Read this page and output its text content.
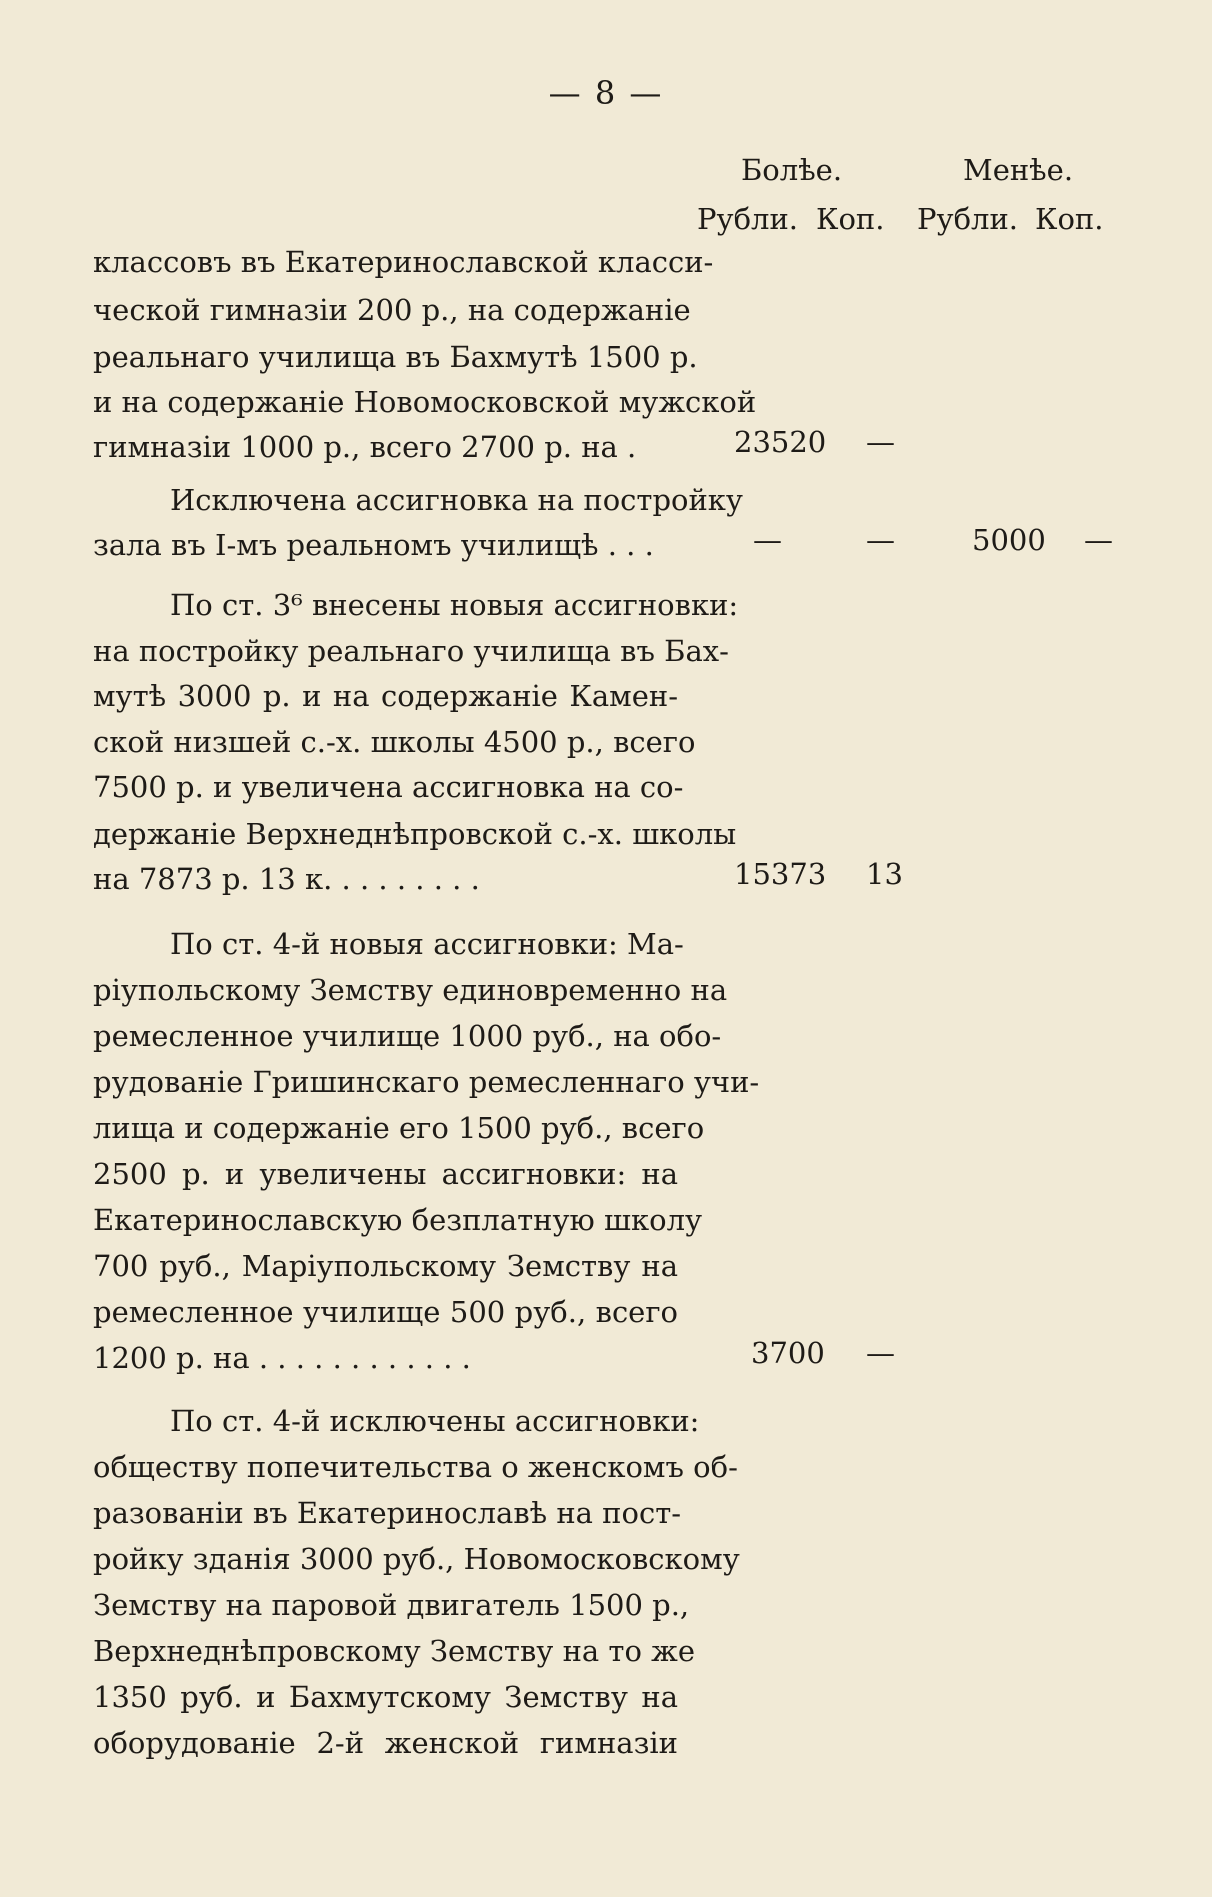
— 8 —
Болѣе.	Менѣе.
Рубли. Коп. Рубли. Коп.
классовъ въ Екатеринославской класси-
ческой гимназіи 200 р., на содержаніе
реальнаго училища въ Бахмутѣ 1500 р.
и на содержаніе Новомосковской мужской
гимназіи 1000 р., всего 2700 р. на .	23520 —
Исключена ассигновка на постройку
зала въ І-мъ реальномъ училищѣ . . .	—	—	5000 —
По ст. 3⁶ внесены новыя ассигновки:
на постройку реальнаго училища въ Бах-
мутѣ 3000 р. и на содержаніе Камен-
ской низшей с.-х. школы 4500 р., всего
7500 р. и увеличена ассигновка на со-
держаніе Верхнеднѣпровской с.-х. школы
на 7873 р. 13 к. . . . . . . . .	15373 13
По ст. 4-й новыя ассигновки: Ма-
ріупольскому Земству единовременно на
ремесленное училище 1000 руб., на обо-
рудованіе Гришинскаго ремесленнаго учи-
лища и содержаніе его 1500 руб., всего
2500 р. и увеличены ассигновки: на
Екатеринославскую безплатную школу
700 руб., Маріупольскому Земству на
ремесленное училище 500 руб., всего
1200 р. на . . . . . . . . . . . .	3700 —
По ст. 4-й исключены ассигновки:
обществу попечительства о женскомъ об-
разованіи въ Екатеринославѣ на пост-
ройку зданія 3000 руб., Новомосковскому
Земству на паровой двигатель 1500 р.,
Верхнеднѣпровскому Земству на то же
1350 руб. и Бахмутскому Земству на
оборудованіе 2-й женской гимназіи
